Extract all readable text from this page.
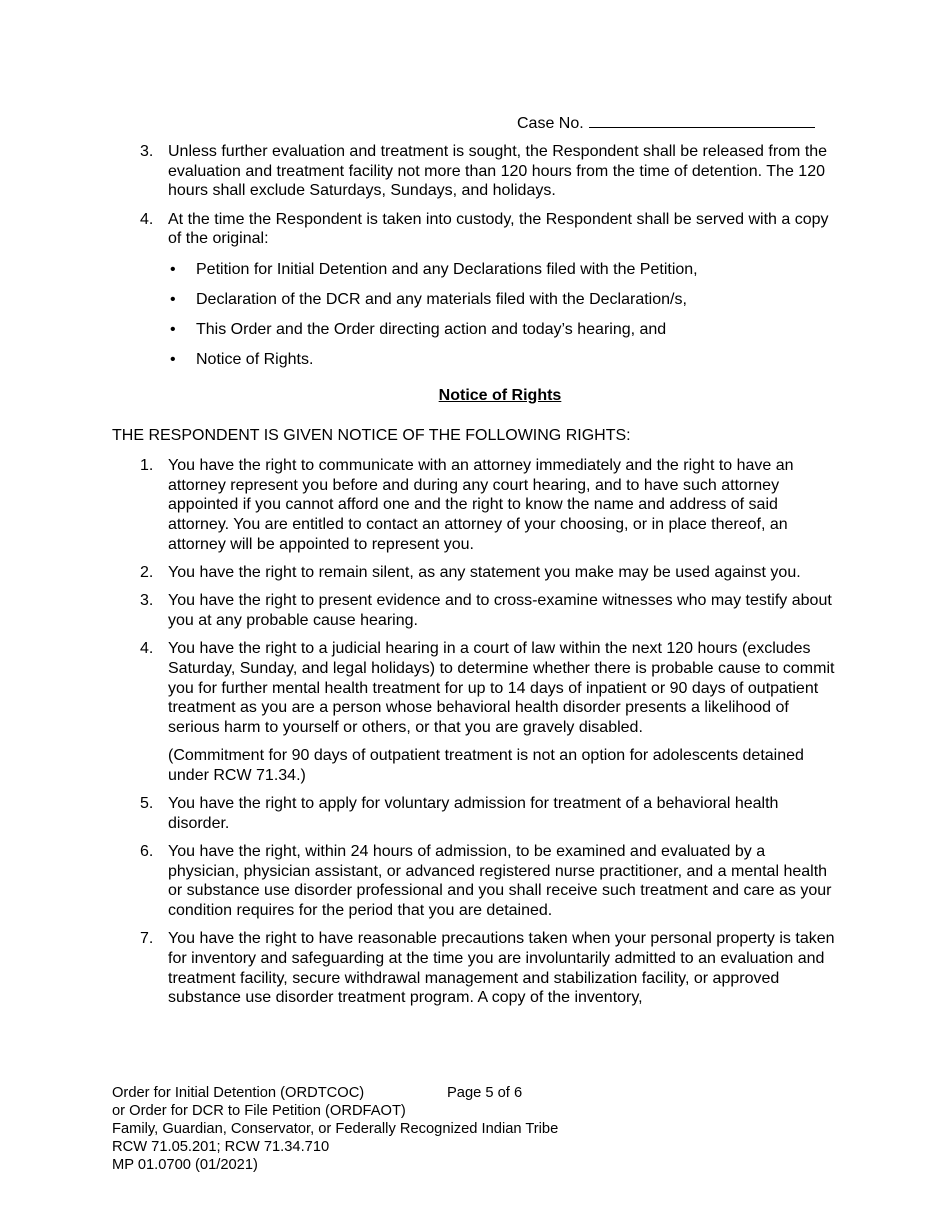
Case No.
3. Unless further evaluation and treatment is sought, the Respondent shall be released from the evaluation and treatment facility not more than 120 hours from the time of detention. The 120 hours shall exclude Saturdays, Sundays, and holidays.
4. At the time the Respondent is taken into custody, the Respondent shall be served with a copy of the original:
• Petition for Initial Detention and any Declarations filed with the Petition,
• Declaration of the DCR and any materials filed with the Declaration/s,
• This Order and the Order directing action and today’s hearing, and
• Notice of Rights.
Notice of Rights
THE RESPONDENT IS GIVEN NOTICE OF THE FOLLOWING RIGHTS:
1. You have the right to communicate with an attorney immediately and the right to have an attorney represent you before and during any court hearing, and to have such attorney appointed if you cannot afford one and the right to know the name and address of said attorney. You are entitled to contact an attorney of your choosing, or in place thereof, an attorney will be appointed to represent you.
2. You have the right to remain silent, as any statement you make may be used against you.
3. You have the right to present evidence and to cross-examine witnesses who may testify about you at any probable cause hearing.
4. You have the right to a judicial hearing in a court of law within the next 120 hours (excludes Saturday, Sunday, and legal holidays) to determine whether there is probable cause to commit you for further mental health treatment for up to 14 days of inpatient or 90 days of outpatient treatment as you are a person whose behavioral health disorder presents a likelihood of serious harm to yourself or others, or that you are gravely disabled.
(Commitment for 90 days of outpatient treatment is not an option for adolescents detained under RCW 71.34.)
5. You have the right to apply for voluntary admission for treatment of a behavioral health disorder.
6. You have the right, within 24 hours of admission, to be examined and evaluated by a physician, physician assistant, or advanced registered nurse practitioner, and a mental health or substance use disorder professional and you shall receive such treatment and care as your condition requires for the period that you are detained.
7. You have the right to have reasonable precautions taken when your personal property is taken for inventory and safeguarding at the time you are involuntarily admitted to an evaluation and treatment facility, secure withdrawal management and stabilization facility, or approved substance use disorder treatment program. A copy of the inventory,
Order for Initial Detention (ORDTCOC)	Page 5 of 6
or Order for DCR to File Petition (ORDFAOT)
Family, Guardian, Conservator, or Federally Recognized Indian Tribe
RCW 71.05.201; RCW 71.34.710
MP 01.0700 (01/2021)
